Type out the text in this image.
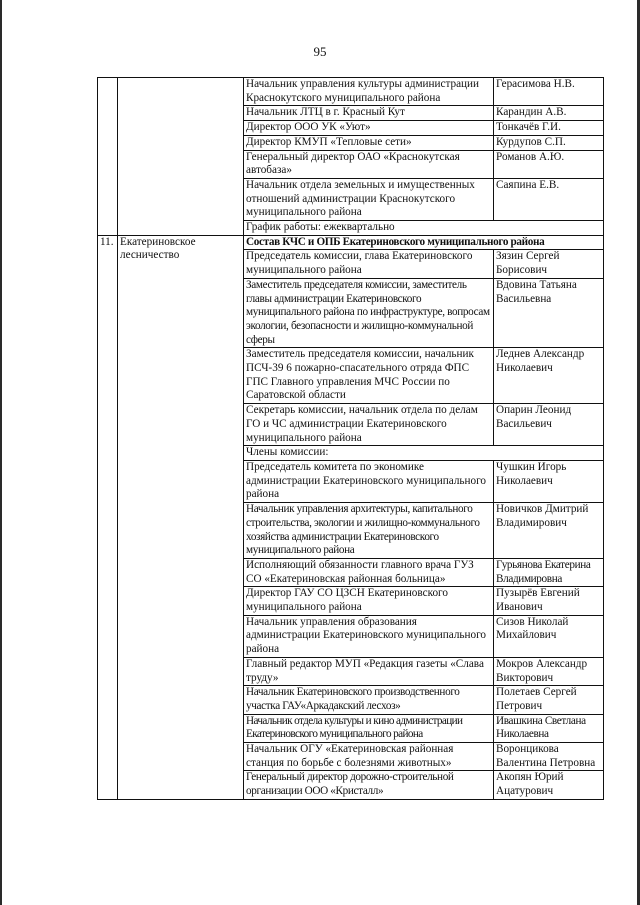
95
		Начальник управления культуры администрации Краснокутского муниципального района	Герасимова Н.В.
		Начальник ЛТЦ в г. Красный Кут	Карандин А.В.
		Директор ООО УК «Уют»	Тонкачёв Г.И.
		Директор КМУП «Тепловые сети»	Курдупов С.П.
		Генеральный директор ОАО «Краснокутская автобаза»	Романов А.Ю.
		Начальник отдела земельных и имущественных отношений администрации Краснокутского муниципального района	Саяпина Е.В.
		График работы: ежеквартально	
11.	Екатериновское лесничество	Состав КЧС и ОПБ Екатериновского муниципального района	
		Председатель комиссии, глава Екатериновского муниципального района	Зязин Сергей Борисович
		Заместитель председателя комиссии, заместитель главы администрации Екатериновского муниципального района по инфраструктуре, вопросам экологии, безопасности и жилищно-коммунальной сферы	Вдовина Татьяна Васильевна
		Заместитель председателя комиссии, начальник ПСЧ-39 6 пожарно-спасательного отряда ФПС ГПС Главного управления МЧС России по Саратовской области	Леднев Александр Николаевич
		Секретарь комиссии, начальник отдела по делам ГО и ЧС администрации Екатериновского муниципального района	Опарин Леонид Васильевич
		Члены комиссии:	
		Председатель комитета по экономике администрации Екатериновского муниципального района	Чушкин Игорь Николаевич
		Начальник управления архитектуры, капитального строительства, экологии и жилищно-коммунального хозяйства администрации Екатериновского муниципального района	Новичков Дмитрий Владимирович
		Исполняющий обязанности главного врача ГУЗ СО «Екатериновская районная больница»	Гурьянова Екатерина Владимировна
		Директор ГАУ СО ЦЗСН Екатериновского муниципального района	Пузырёв Евгений Иванович
		Начальник управления образования администрации Екатериновского муниципального района	Сизов Николай Михайлович
		Главный редактор МУП «Редакция газеты «Слава труду»	Мокров Александр Викторович
		Начальник Екатериновского производственного участка ГАУ«Аркадакский лесхоз»	Полетаев Сергей Петрович
		Начальник отдела культуры и кино администрации Екатериновского муниципального района	Ивашкина Светлана Николаевна
		Начальник ОГУ «Екатериновская районная станция по борьбе с болезнями животных»	Воронцикова Валентина Петровна
		Генеральный директор дорожно-строительной организации ООО «Кристалл»	Акопян Юрий Ацатурович
